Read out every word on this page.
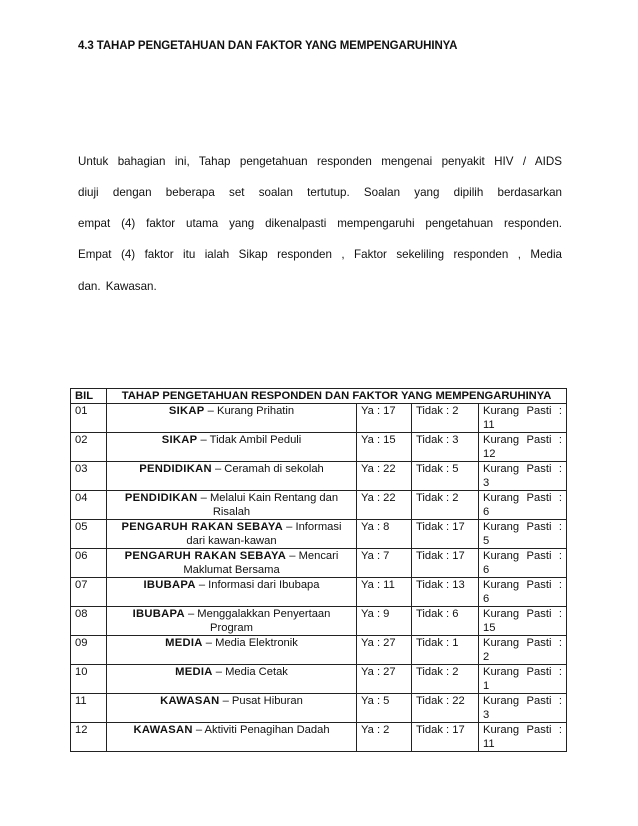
4.3 TAHAP PENGETAHUAN DAN FAKTOR YANG MEMPENGARUHINYA
Untuk bahagian ini, Tahap pengetahuan responden mengenai penyakit HIV / AIDS
diuji dengan beberapa set soalan tertutup. Soalan yang dipilih berdasarkan
empat (4) faktor utama yang dikenalpasti mempengaruhi pengetahuan responden.
Empat (4) faktor itu ialah Sikap responden , Faktor sekeliling responden , Media
dan. Kawasan.
BIL	TAHAP PENGETAHUAN RESPONDEN DAN FAKTOR YANG MEMPENGARUHINYA			
01	SIKAP – Kurang Prihatin	Ya : 17	Tidak : 2	Kurang Pasti : 11
02	SIKAP – Tidak Ambil Peduli	Ya : 15	Tidak : 3	Kurang Pasti : 12
03	PENDIDIKAN – Ceramah di sekolah	Ya : 22	Tidak : 5	Kurang Pasti : 3
04	PENDIDIKAN – Melalui Kain Rentang dan Risalah	Ya : 22	Tidak : 2	Kurang Pasti : 6
05	PENGARUH RAKAN SEBAYA – Informasi dari kawan-kawan	Ya : 8	Tidak : 17	Kurang Pasti : 5
06	PENGARUH RAKAN SEBAYA – Mencari Maklumat Bersama	Ya : 7	Tidak : 17	Kurang Pasti : 6
07	IBUBAPA – Informasi dari Ibubapa	Ya : 11	Tidak : 13	Kurang Pasti : 6
08	IBUBAPA – Menggalakkan Penyertaan Program	Ya : 9	Tidak : 6	Kurang Pasti : 15
09	MEDIA – Media Elektronik	Ya : 27	Tidak : 1	Kurang Pasti : 2
10	MEDIA – Media Cetak	Ya : 27	Tidak : 2	Kurang Pasti : 1
11	KAWASAN – Pusat Hiburan	Ya : 5	Tidak : 22	Kurang Pasti : 3
12	KAWASAN – Aktiviti Penagihan Dadah	Ya : 2	Tidak : 17	Kurang Pasti : 11
